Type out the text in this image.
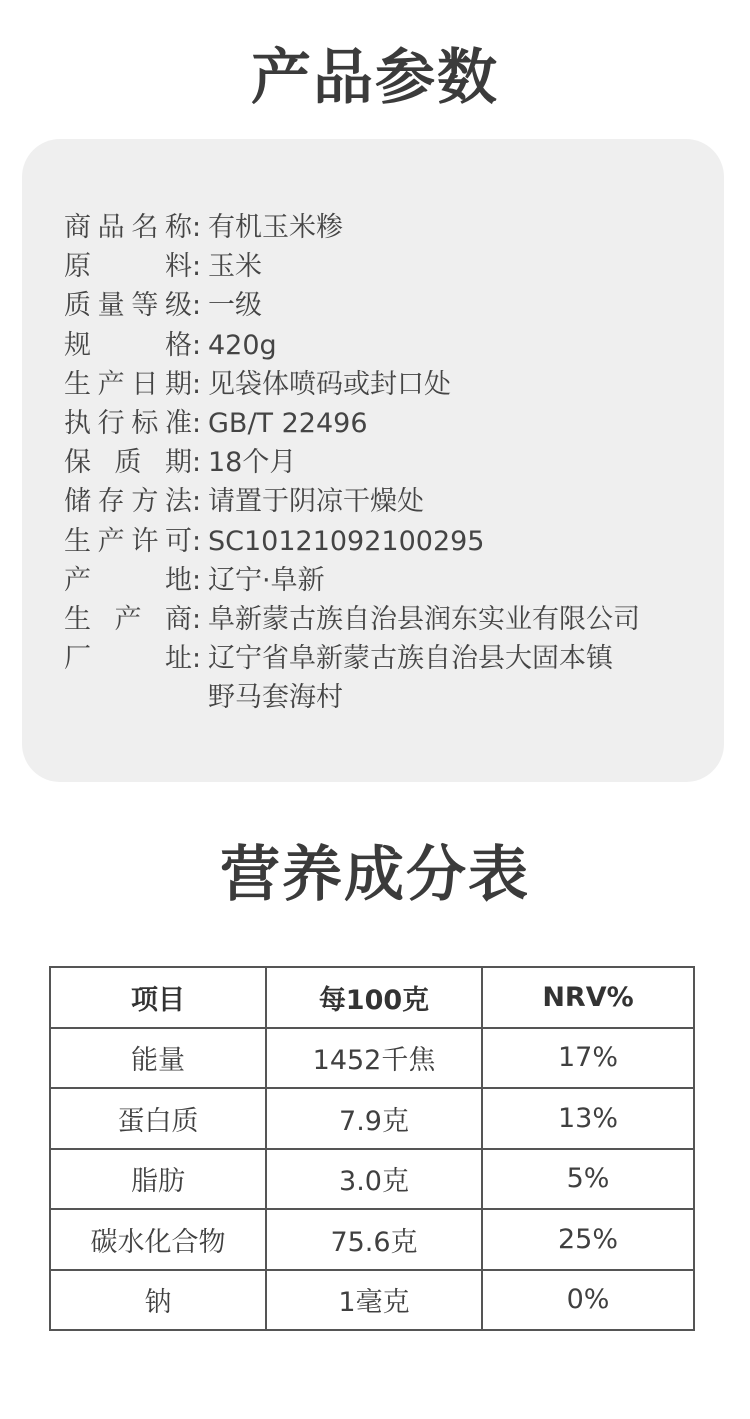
产品参数
商品名称 : 有机玉米糁
原料 : 玉米
质量等级 : 一级
规格 : 420g
生产日期 : 见袋体喷码或封口处
执行标准 : GB/T 22496
保质期 : 18个月
储存方法 : 请置于阴凉干燥处
生产许可 : SC10121092100295
产地 : 辽宁·阜新
生产商 : 阜新蒙古族自治县润东实业有限公司
厂址 : 辽宁省阜新蒙古族自治县大固本镇
野马套海村
营养成分表
项目	每100克	NRV%
能量	1452千焦	17%
蛋白质	7.9克	13%
脂肪	3.0克	5%
碳水化合物	75.6克	25%
钠	1毫克	0%
